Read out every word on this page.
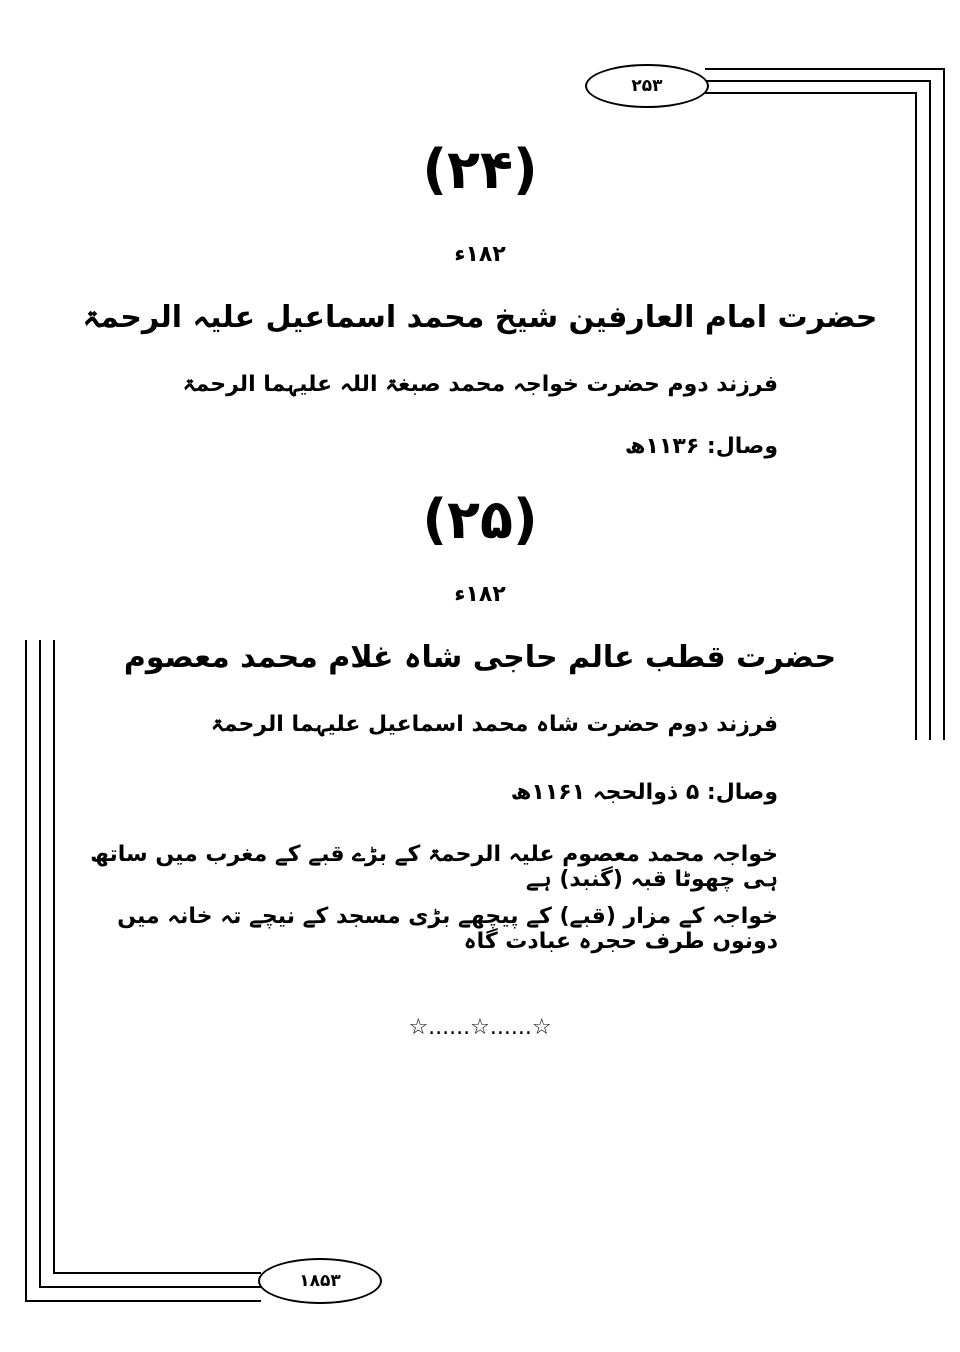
۲۵۳
۱۸۵۳
(۲۴)
۱۸۲ء
حضرت امام العارفین شیخ محمد اسماعیل علیہ الرحمۃ
فرزند دوم حضرت خواجہ محمد صبغۃ اللہ علیہما الرحمۃ
وصال: ۱۱۳۶ھ
(۲۵)
۱۸۲ء
حضرت قطب عالم حاجی شاہ غلام محمد معصوم
فرزند دوم حضرت شاہ محمد اسماعیل علیہما الرحمۃ
وصال: ۵ ذوالحجہ ۱۱۶۱ھ
خواجہ محمد معصوم علیہ الرحمۃ کے بڑے قبے کے مغرب میں ساتھ ہی چھوٹا قبہ (گنبد) ہے
خواجہ کے مزار (قبے) کے پیچھے بڑی مسجد کے نیچے تہ خانہ میں دونوں طرف حجرہ عبادت گاہ
☆......☆......☆
